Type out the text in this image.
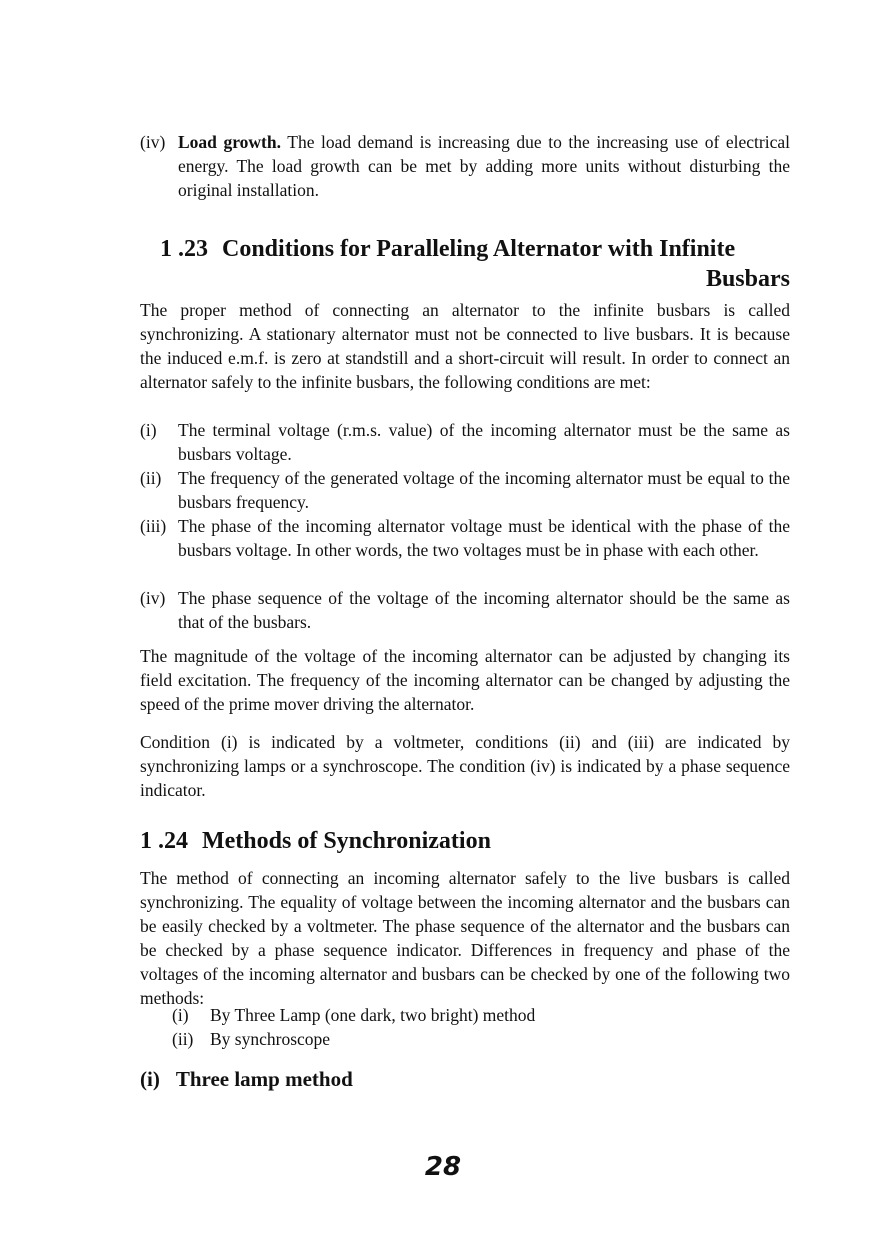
(iv) Load growth. The load demand is increasing due to the increasing use of electrical energy. The load growth can be met by adding more units without disturbing the original installation.
1 .23 Conditions for Paralleling Alternator with Infinite
Busbars
The proper method of connecting an alternator to the infinite busbars is called synchronizing. A stationary alternator must not be connected to live busbars. It is because the induced e.m.f. is zero at standstill and a short-circuit will result. In order to connect an alternator safely to the infinite busbars, the following conditions are met:
(i) The terminal voltage (r.m.s. value) of the incoming alternator must be the same as busbars voltage.
(ii) The frequency of the generated voltage of the incoming alternator must be equal to the busbars frequency.
(iii) The phase of the incoming alternator voltage must be identical with the phase of the busbars voltage. In other words, the two voltages must be in phase with each other.
(iv) The phase sequence of the voltage of the incoming alternator should be the same as that of the busbars.
The magnitude of the voltage of the incoming alternator can be adjusted by changing its field excitation. The frequency of the incoming alternator can be changed by adjusting the speed of the prime mover driving the alternator.
Condition (i) is indicated by a voltmeter, conditions (ii) and (iii) are indicated by synchronizing lamps or a synchroscope. The condition (iv) is indicated by a phase sequence indicator.
1 .24 Methods of Synchronization
The method of connecting an incoming alternator safely to the live busbars is called synchronizing. The equality of voltage between the incoming alternator and the busbars can be easily checked by a voltmeter. The phase sequence of the alternator and the busbars can be checked by a phase sequence indicator. Differences in frequency and phase of the voltages of the incoming alternator and busbars can be checked by one of the following two methods:
(i) By Three Lamp (one dark, two bright) method
(ii) By synchroscope
(i) Three lamp method
28
